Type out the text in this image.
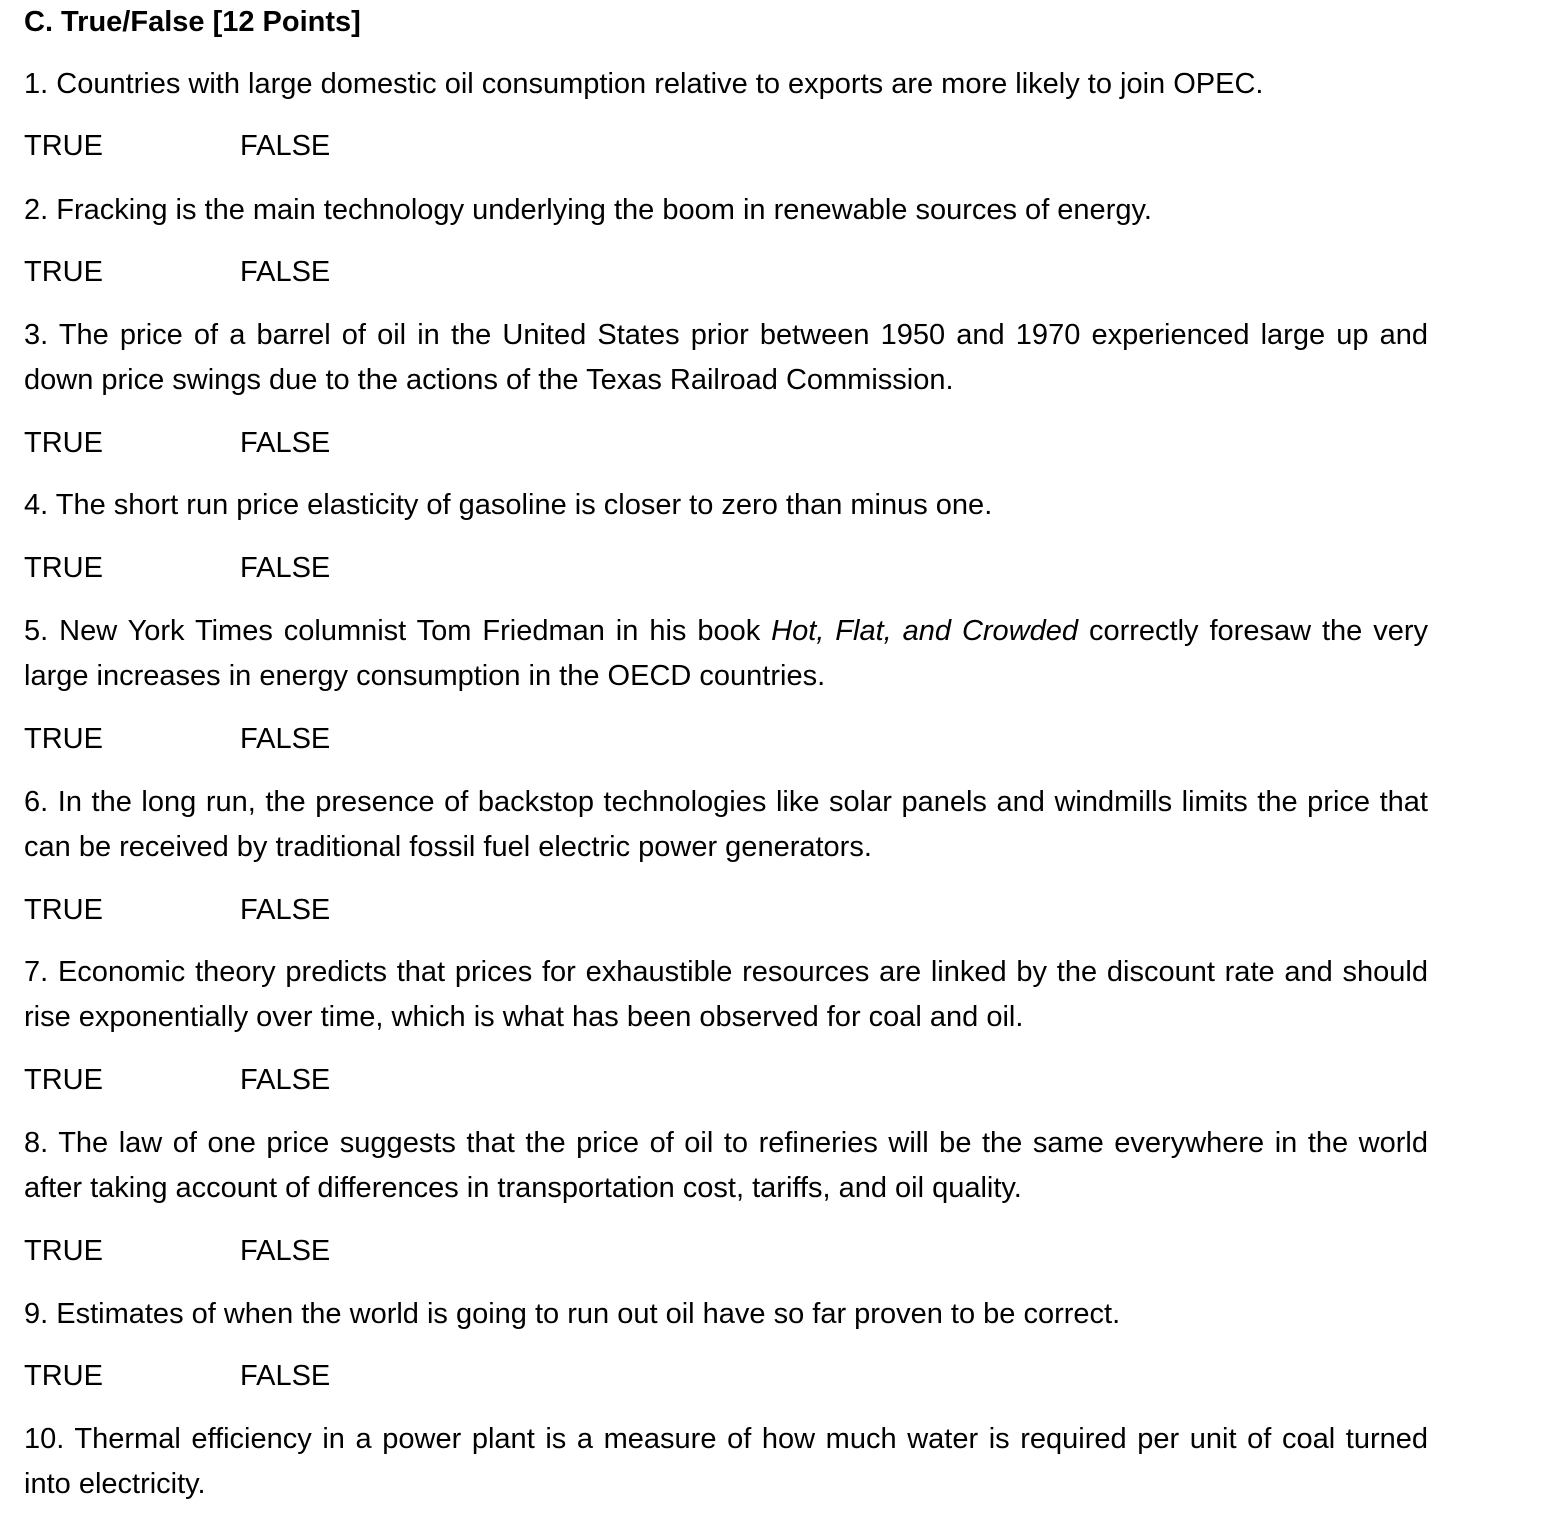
C. True/False [12 Points]
1. Countries with large domestic oil consumption relative to exports are more likely to join OPEC.
TRUE	FALSE
2. Fracking is the main technology underlying the boom in renewable sources of energy.
TRUE	FALSE
3. The price of a barrel of oil in the United States prior between 1950 and 1970 experienced large up and down price swings due to the actions of the Texas Railroad Commission.
TRUE	FALSE
4. The short run price elasticity of gasoline is closer to zero than minus one.
TRUE	FALSE
5. New York Times columnist Tom Friedman in his book Hot, Flat, and Crowded correctly foresaw the very large increases in energy consumption in the OECD countries.
TRUE	FALSE
6. In the long run, the presence of backstop technologies like solar panels and windmills limits the price that can be received by traditional fossil fuel electric power generators.
TRUE	FALSE
7. Economic theory predicts that prices for exhaustible resources are linked by the discount rate and should rise exponentially over time, which is what has been observed for coal and oil.
TRUE	FALSE
8. The law of one price suggests that the price of oil to refineries will be the same everywhere in the world after taking account of differences in transportation cost, tariffs, and oil quality.
TRUE	FALSE
9. Estimates of when the world is going to run out oil have so far proven to be correct.
TRUE	FALSE
10. Thermal efficiency in a power plant is a measure of how much water is required per unit of coal turned into electricity.
